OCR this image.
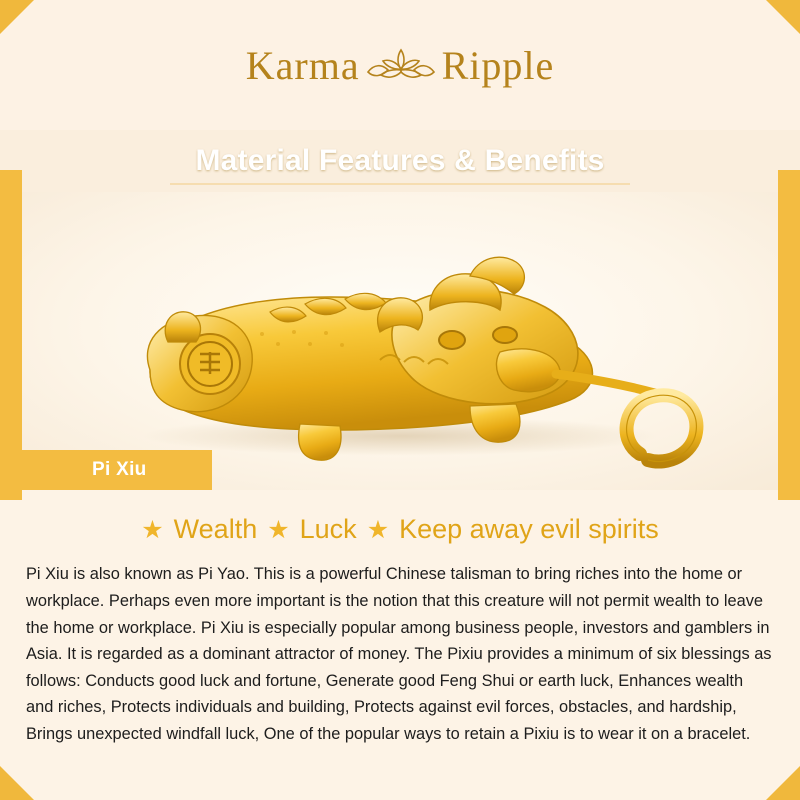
Karma Ripple
Material Features & Benefits
Pi Xiu
★ Wealth ★ Luck ★ Keep away evil spirits

Pi Xiu is also known as Pi Yao. This is a powerful Chinese talisman to bring riches into the home or workplace. Perhaps even more important is the notion that this creature will not permit wealth to leave the home or workplace. Pi Xiu is especially popular among business people, investors and gamblers in Asia. It is regarded as a dominant attractor of money. The Pixiu provides a minimum of six blessings as follows: Conducts good luck and fortune, Generate good Feng Shui or earth luck, Enhances wealth and riches, Protects individuals and building, Protects against evil forces, obstacles, and hardship, Brings unexpected windfall luck, One of the popular ways to retain a Pixiu is to wear it on a bracelet.
